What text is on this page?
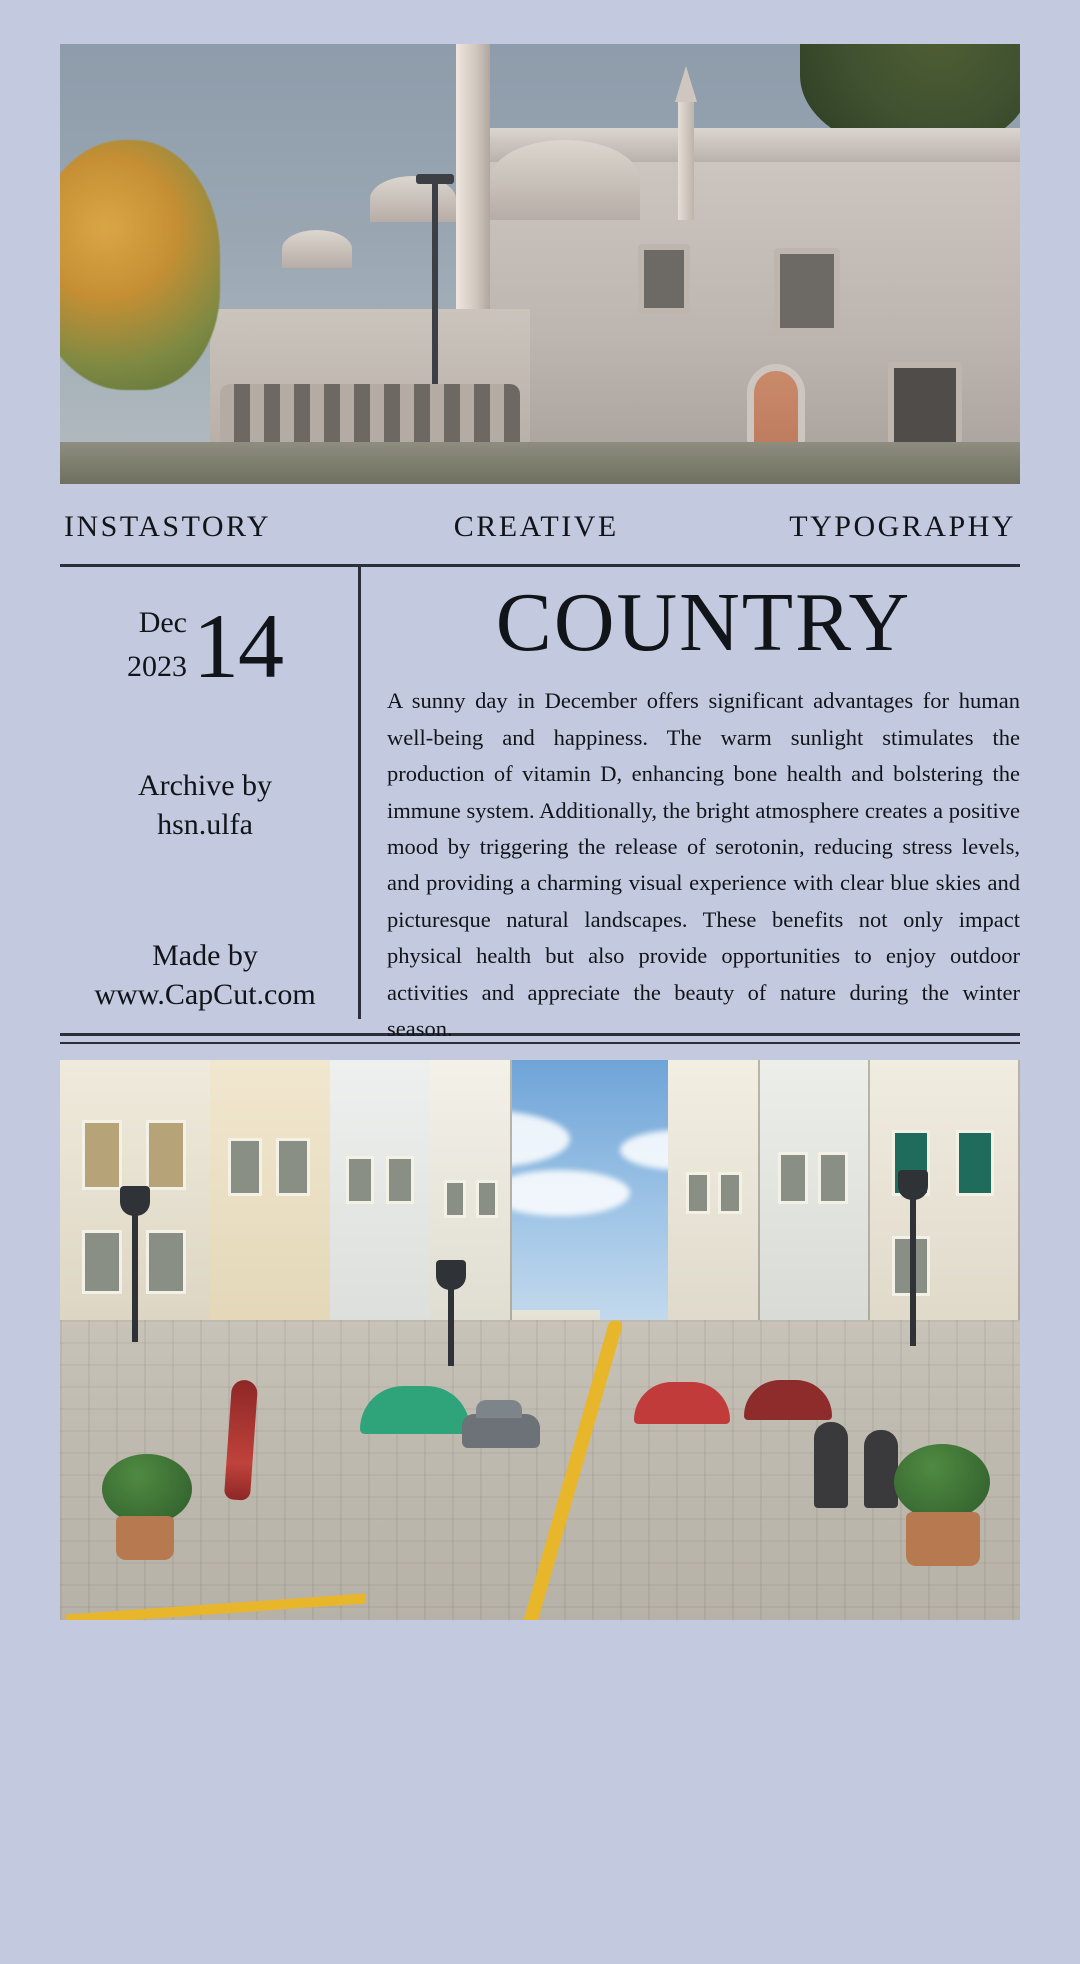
INSTASTORY	CREATIVE	TYPOGRAPHY
Dec
2023 14
Archive by
hsn.ulfa
Made by
www.CapCut.com
COUNTRY

A sunny day in December offers significant advantages for human well-being and happiness. The warm sunlight stimulates the production of vitamin D, enhancing bone health and bolstering the immune system. Additionally, the bright atmosphere creates a positive mood by triggering the release of serotonin, reducing stress levels, and providing a charming visual experience with clear blue skies and picturesque natural landscapes. These benefits not only impact physical health but also provide opportunities to enjoy outdoor activities and appreciate the beauty of nature during the winter season.
